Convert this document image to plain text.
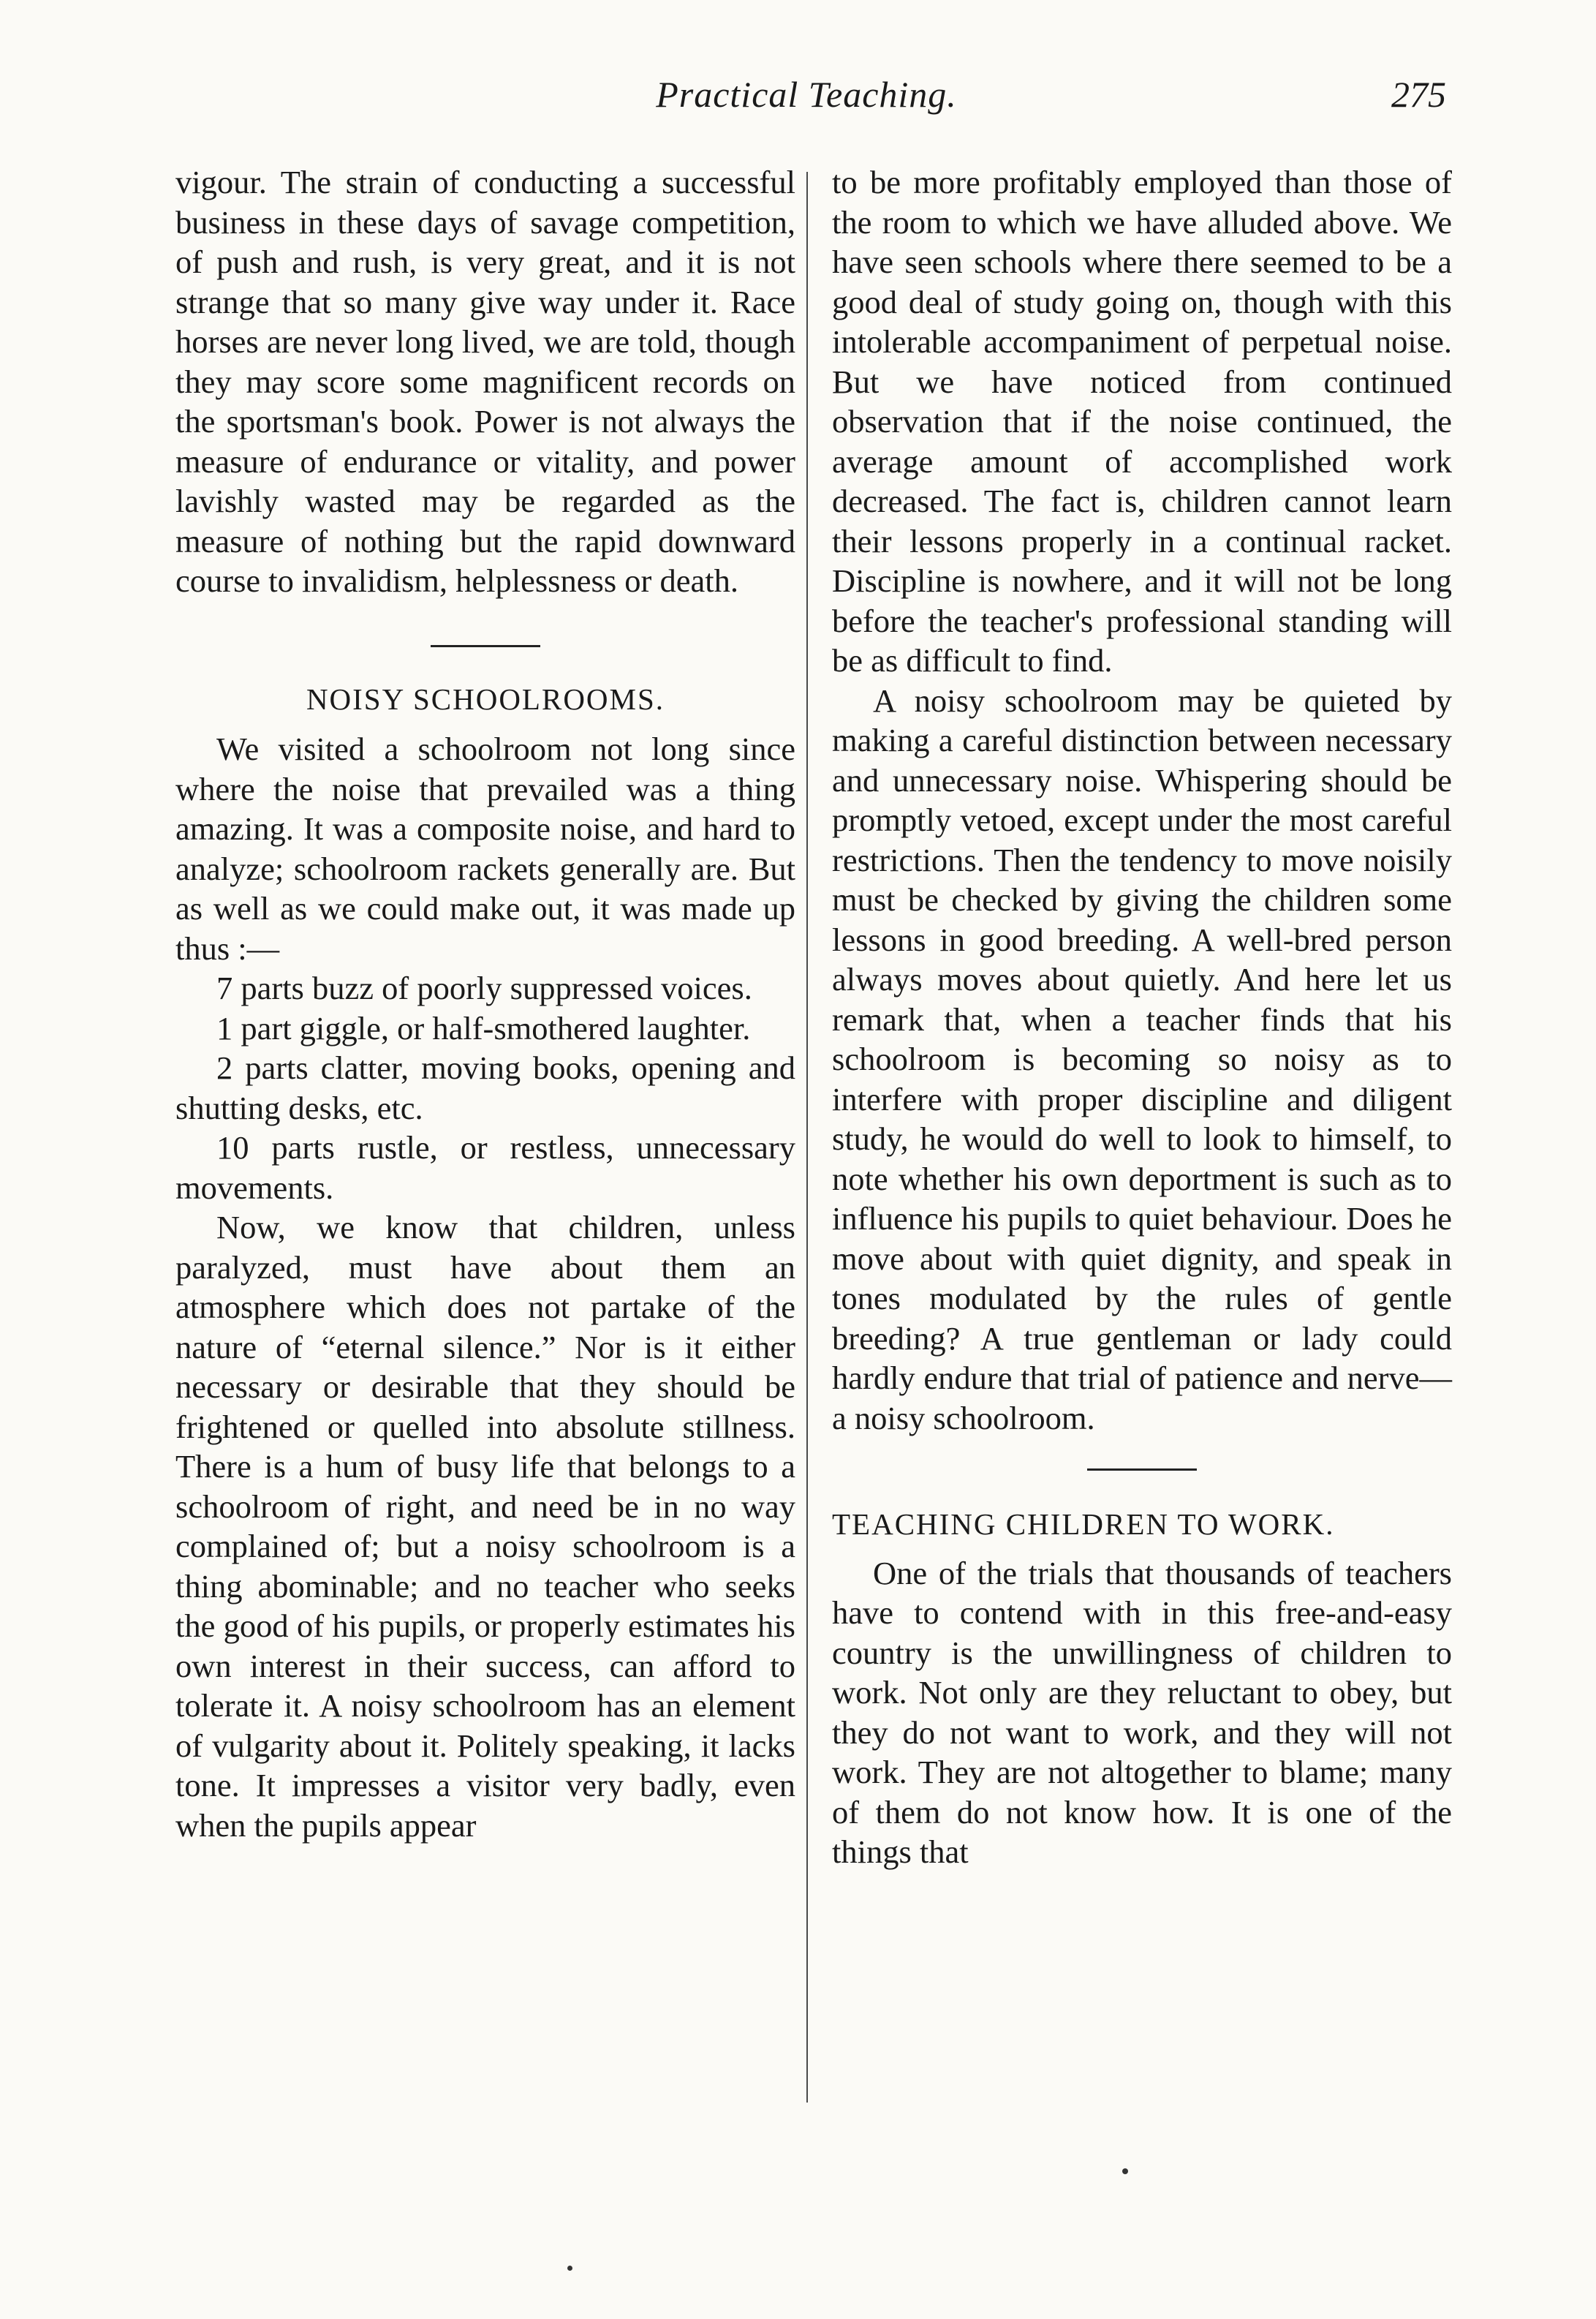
Practical Teaching.	275

vigour. The strain of conducting a successful business in these days of savage competition, of push and rush, is very great, and it is not strange that so many give way under it. Race horses are never long lived, we are told, though they may score some magnificent records on the sportsman's book. Power is not always the measure of endurance or vitality, and power lavishly wasted may be regarded as the measure of nothing but the rapid downward course to invalidism, helplessness or death.

NOISY SCHOOLROOMS.

We visited a schoolroom not long since where the noise that prevailed was a thing amazing. It was a composite noise, and hard to analyze; schoolroom rackets generally are. But as well as we could make out, it was made up thus :—

7 parts buzz of poorly suppressed voices.

1 part giggle, or half-smothered laughter.

2 parts clatter, moving books, opening and shutting desks, etc.

10 parts rustle, or restless, unnecessary movements.

Now, we know that children, unless paralyzed, must have about them an atmosphere which does not partake of the nature of “eternal silence.” Nor is it either necessary or desirable that they should be frightened or quelled into absolute stillness. There is a hum of busy life that belongs to a schoolroom of right, and need be in no way complained of; but a noisy schoolroom is a thing abominable; and no teacher who seeks the good of his pupils, or properly estimates his own interest in their success, can afford to tolerate it. A noisy schoolroom has an element of vulgarity about it. Politely speaking, it lacks tone. It impresses a visitor very badly, even when the pupils appear

to be more profitably employed than those of the room to which we have alluded above. We have seen schools where there seemed to be a good deal of study going on, though with this intolerable accompaniment of perpetual noise. But we have noticed from continued observation that if the noise continued, the average amount of accomplished work decreased. The fact is, children cannot learn their lessons properly in a continual racket. Discipline is nowhere, and it will not be long before the teacher's professional standing will be as difficult to find.

A noisy schoolroom may be quieted by making a careful distinction between necessary and unnecessary noise. Whispering should be promptly vetoed, except under the most careful restrictions. Then the tendency to move noisily must be checked by giving the children some lessons in good breeding. A well-bred person always moves about quietly. And here let us remark that, when a teacher finds that his schoolroom is becoming so noisy as to interfere with proper discipline and diligent study, he would do well to look to himself, to note whether his own deportment is such as to influence his pupils to quiet behaviour. Does he move about with quiet dignity, and speak in tones modulated by the rules of gentle breeding? A true gentleman or lady could hardly endure that trial of patience and nerve—a noisy schoolroom.

TEACHING CHILDREN TO WORK.

One of the trials that thousands of teachers have to contend with in this free-and-easy country is the unwillingness of children to work. Not only are they reluctant to obey, but they do not want to work, and they will not work. They are not altogether to blame; many of them do not know how. It is one of the things that
